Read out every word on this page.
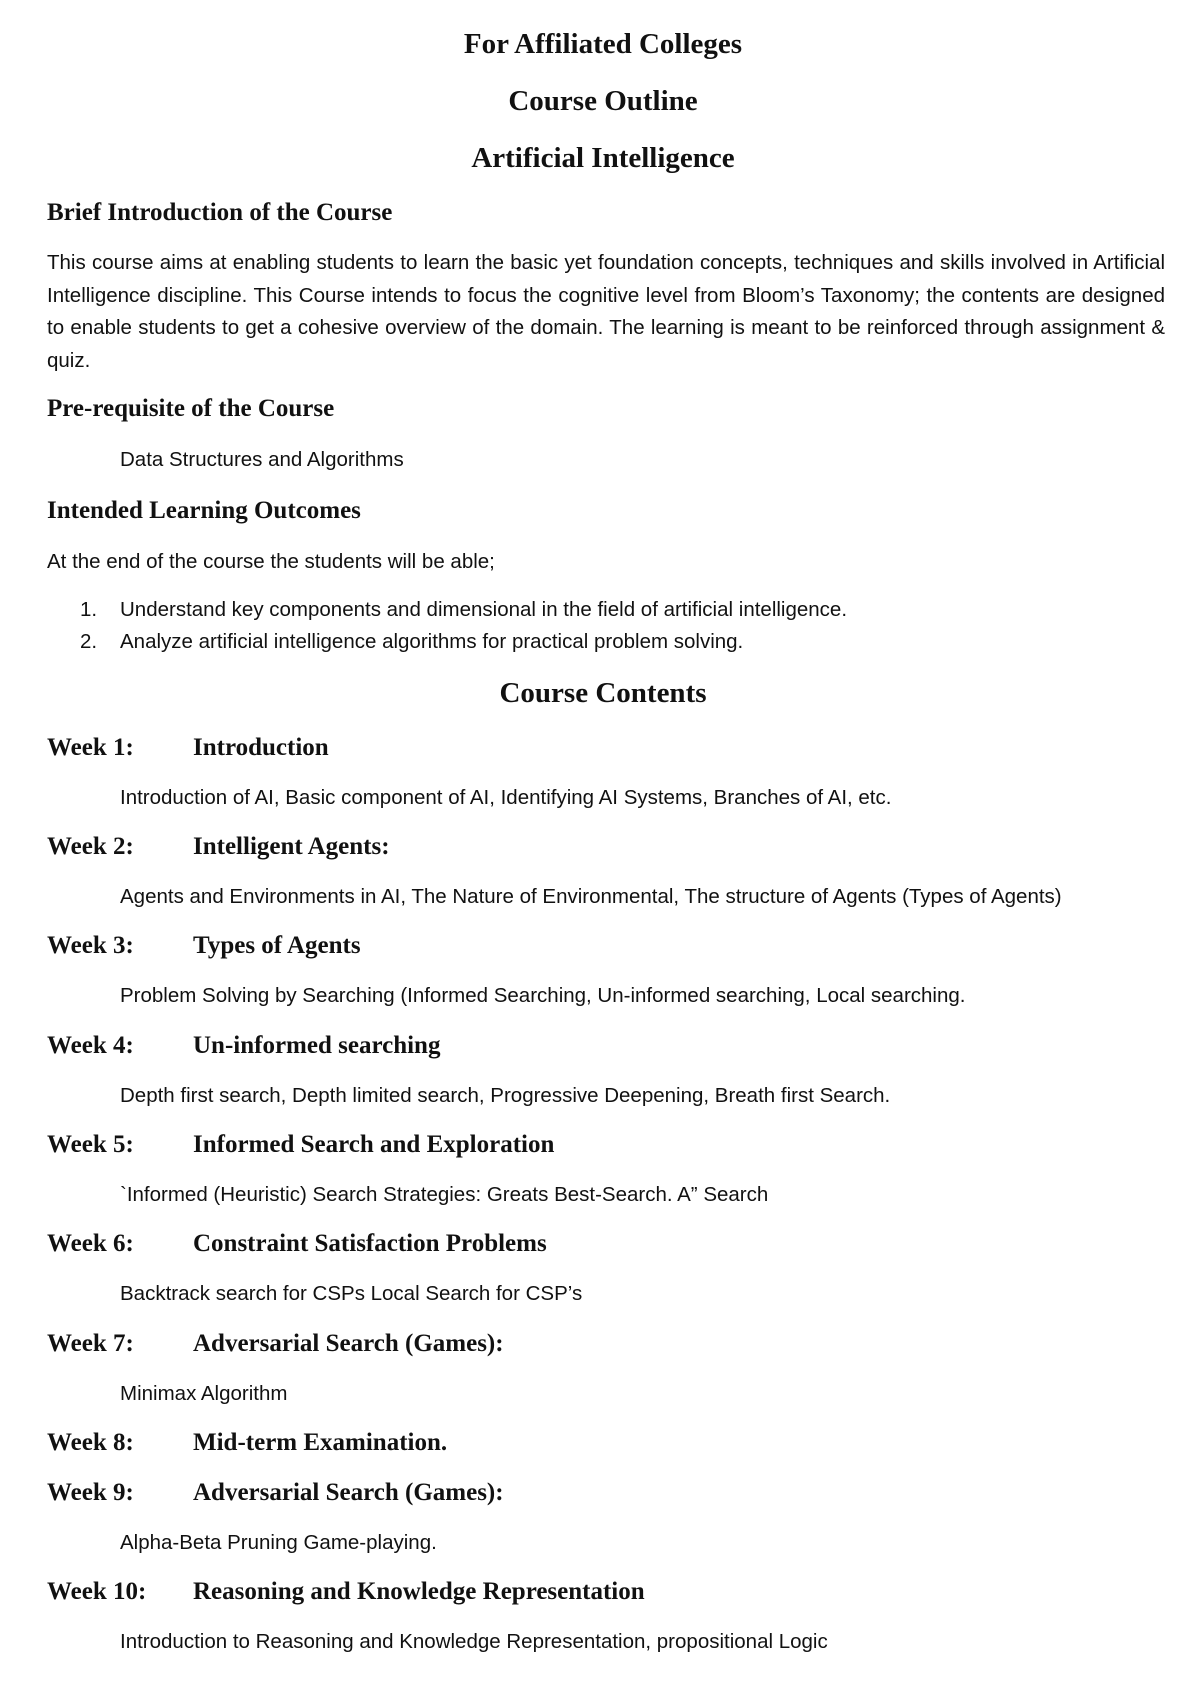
For Affiliated Colleges
Course Outline
Artificial Intelligence
Brief Introduction of the Course

This course aims at enabling students to learn the basic yet foundation concepts, techniques and skills involved in Artificial Intelligence discipline. This Course intends to focus the cognitive level from Bloom’s Taxonomy; the contents are designed to enable students to get a cohesive overview of the domain. The learning is meant to be reinforced through assignment & quiz.

Pre-requisite of the Course
Data Structures and Algorithms
Intended Learning Outcomes
At the end of the course the students will be able;
1. Understand key components and dimensional in the field of artificial intelligence.
2. Analyze artificial intelligence algorithms for practical problem solving.
Course Contents
Week 1: Introduction
Introduction of AI, Basic component of AI, Identifying AI Systems, Branches of AI, etc.
Week 2: Intelligent Agents:
Agents and Environments in AI, The Nature of Environmental, The structure of Agents (Types of Agents)
Week 3: Types of Agents
Problem Solving by Searching (Informed Searching, Un-informed searching, Local searching.
Week 4: Un-informed searching
Depth first search, Depth limited search, Progressive Deepening, Breath first Search.
Week 5: Informed Search and Exploration
`Informed (Heuristic) Search Strategies: Greats Best-Search. A” Search
Week 6: Constraint Satisfaction Problems
Backtrack search for CSPs Local Search for CSP’s
Week 7: Adversarial Search (Games):
Minimax Algorithm
Week 8: Mid-term Examination.
Week 9: Adversarial Search (Games):
Alpha-Beta Pruning Game-playing.
Week 10: Reasoning and Knowledge Representation
Introduction to Reasoning and Knowledge Representation, propositional Logic
